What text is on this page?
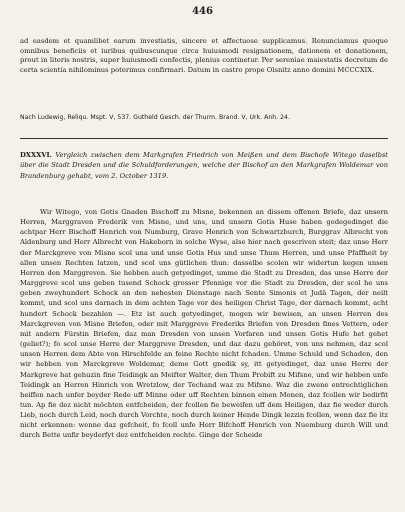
446

ad easdem et quamlibet earum investiatis, sincere et affectuose supplicamus. Renunciamus quoque omnibus beneficiis et iuribus quibuscunque circa huiusmodi resignationem, dationem et donationem, prout in literis nostris, super huiusmodi confectis, plenius continetur. Per sereniae maiestatis decretum de certa scientia nihilominus poterimus confirmari. Datum in castro prope Olsnitz anno domini MCCCXIX.

Nach Ludewig, Reliqu. Mspt. V, 537. Gutheld Gesch. der Thurm. Brand. V, Urk. Anh. 24.
DXXXVI. Vergleich zwischen dem Markgrafen Friedrich von Meißen und dem Bischofe Witego daselbst über die Stadt Dresden und die Schuldforderungen, welche der Bischof an den Markgrafen Woldemar von Brandenburg gehabt, vom 2. October 1319.

Wir Witego, von Gotis Gnaden Bischoff zu Misne, bekennen an dissem offenen Briefe, daz unsern Herren, Marggraven Frederik von Misne, und uns, und unsern Gotis Huse haben gedegedinget die achtpar Herr Bischoff Henrich von Numburg, Grave Henrich von Schwartzburch, Burggrav Albrecht von Aldenburg und Herr Albrecht von Hakeborn in solche Wyse, alse hier nach gescriven steit; daz unse Herr der Marckgreve von Misne scol una und unse Gotis Hus und unse Thum Herren, und unse Pfaffheit by allen unsen Rechten latzen, und scol uns gütlichen thun: dasselbe scolen wir widertun kegen unsen Herren den Marggreven. Sie hebben auch getyedinget, umme die Stadt zu Dresden, das unse Herre der Marggreve scol uns geben tusend Schock grosser Pfennige vor die Stadt zu Dresden, der scol he uns geben zweyhundert Schock an den nehesten Dienstage nach Sente Simonis et Judä Tagen, der neilt kommt, und scol uns darnach in dem achten Tage vor des heiligen Christ Tage, der darnach kommt, acht hundert Schock bezahlen —. Etz ist auch getyedinget, mogen wir bewisen, an unsen Herren des Marckgreven von Misne Briefen, oder mit Marggreve Frederiks Briefen von Dresden fines Vettern, oder mit andern Fürstin Briefen, daz man Dresden von unsen Vorfaren und unsen Gotis Hufe het gehet (geliet?); fo scol unse Herre der Marggreve Dresden, und daz dazu gehöret, von uns nehmen, daz scol unsen Herren dem Abte von Hirschfelde an feine Rechte nicht fchaden. Umme Schuld und Schaden, den wir hebben von Marckgreve Woldemar, deme Gott gnedik sy, itt getyedinget, daz unse Herre der Markgreve hat gehuzin fine Teidingk an Meifter Walter, den Thum Probift zu Mifsne, und wir hebben unfe Teidingk an Herren Hinrich von Wretzlow, der Techand waz zu Mifsne. Waz die zwene entrechtiglichen heiffen nach unfer beyder Rede uff Minne oder uff Rechten binnen einen Monen, daz fcollen wir bedirfit tun. Ap fie dez nicht möchten entfcheiden, der fcollen fie beweifen uff dem Heiligen, daz fie weder durch Lieb, noch durch Leid, noch durch Vorchte, noch durch keiner Hende Dingk lezzin fcollen, wenn daz fie itz nicht erkennen: wenne daz gefcheit, fo fcoll unfe Herr Bifchoff Henrich von Nuemburg durch Will und durch Bette unfir beyderfyt dez entfcheiden rechte. Ginge der Scheide
